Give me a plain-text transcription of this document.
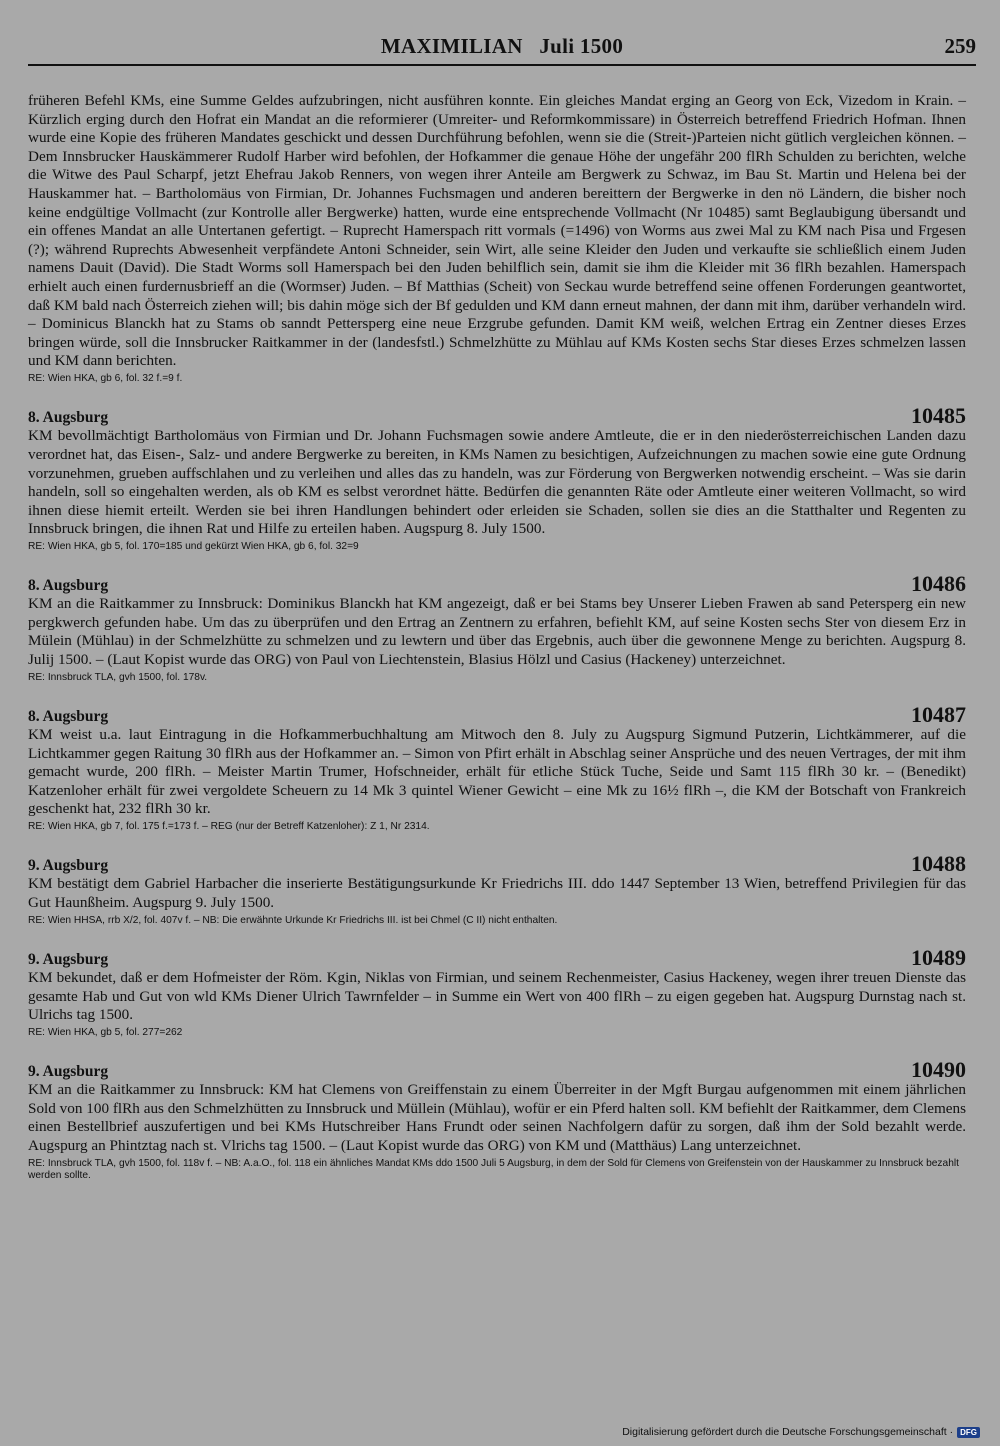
MAXIMILIAN   Juli 1500	259

früheren Befehl KMs, eine Summe Geldes aufzubringen, nicht ausführen konnte. Ein gleiches Mandat erging an Georg von Eck, Vizedom in Krain. – Kürzlich erging durch den Hofrat ein Mandat an die reformierer (Umreiter- und Reformkommissare) in Österreich betreffend Friedrich Hofman. Ihnen wurde eine Kopie des früheren Mandates geschickt und dessen Durchführung befohlen, wenn sie die (Streit-)Parteien nicht gütlich vergleichen können. – Dem Innsbrucker Hauskämmerer Rudolf Harber wird befohlen, der Hofkammer die genaue Höhe der ungefähr 200 flRh Schulden zu berichten, welche die Witwe des Paul Scharpf, jetzt Ehefrau Jakob Renners, von wegen ihrer Anteile am Bergwerk zu Schwaz, im Bau St. Martin und Helena bei der Hauskammer hat. – Bartholomäus von Firmian, Dr. Johannes Fuchsmagen und anderen bereittern der Bergwerke in den nö Ländern, die bisher noch keine endgültige Vollmacht (zur Kontrolle aller Bergwerke) hatten, wurde eine entsprechende Vollmacht (Nr 10485) samt Beglaubigung übersandt und ein offenes Mandat an alle Untertanen gefertigt. – Ruprecht Hamerspach ritt vormals (=1496) von Worms aus zwei Mal zu KM nach Pisa und Frgesen (?); während Ruprechts Abwesenheit verpfändete Antoni Schneider, sein Wirt, alle seine Kleider den Juden und verkaufte sie schließlich einem Juden namens Dauit (David). Die Stadt Worms soll Hamerspach bei den Juden behilflich sein, damit sie ihm die Kleider mit 36 flRh bezahlen. Hamerspach erhielt auch einen furdernusbrieff an die (Wormser) Juden. – Bf Matthias (Scheit) von Seckau wurde betreffend seine offenen Forderungen geantwortet, daß KM bald nach Österreich ziehen will; bis dahin möge sich der Bf gedulden und KM dann erneut mahnen, der dann mit ihm, darüber verhandeln wird. – Dominicus Blanckh hat zu Stams ob sanndt Pettersperg eine neue Erzgrube gefunden. Damit KM weiß, welchen Ertrag ein Zentner dieses Erzes bringen würde, soll die Innsbrucker Raitkammer in der (landesfstl.) Schmelzhütte zu Mühlau auf KMs Kosten sechs Star dieses Erzes schmelzen lassen und KM dann berichten.

RE: Wien HKA, gb 6, fol. 32 f.=9 f.

8. Augsburg	10485

KM bevollmächtigt Bartholomäus von Firmian und Dr. Johann Fuchsmagen sowie andere Amtleute, die er in den niederösterreichischen Landen dazu verordnet hat, das Eisen-, Salz- und andere Bergwerke zu bereiten, in KMs Namen zu besichtigen, Aufzeichnungen zu machen sowie eine gute Ordnung vorzunehmen, grueben auffschlahen und zu verleihen und alles das zu handeln, was zur Förderung von Bergwerken notwendig erscheint. – Was sie darin handeln, soll so eingehalten werden, als ob KM es selbst verordnet hätte. Bedürfen die genannten Räte oder Amtleute einer weiteren Vollmacht, so wird ihnen diese hiemit erteilt. Werden sie bei ihren Handlungen behindert oder erleiden sie Schaden, sollen sie dies an die Statthalter und Regenten zu Innsbruck bringen, die ihnen Rat und Hilfe zu erteilen haben. Augspurg 8. July 1500.

RE: Wien HKA, gb 5, fol. 170=185 und gekürzt Wien HKA, gb 6, fol. 32=9

8. Augsburg	10486

KM an die Raitkammer zu Innsbruck: Dominikus Blanckh hat KM angezeigt, daß er bei Stams bey Unserer Lieben Frawen ab sand Petersperg ein new pergkwerch gefunden habe. Um das zu überprüfen und den Ertrag an Zentnern zu erfahren, befiehlt KM, auf seine Kosten sechs Ster von diesem Erz in Mülein (Mühlau) in der Schmelzhütte zu schmelzen und zu lewtern und über das Ergebnis, auch über die gewonnene Menge zu berichten. Augspurg 8. Julij 1500. – (Laut Kopist wurde das ORG) von Paul von Liechtenstein, Blasius Hölzl und Casius (Hackeney) unterzeichnet.

RE: Innsbruck TLA, gvh 1500, fol. 178v.

8. Augsburg	10487

KM weist u.a. laut Eintragung in die Hofkammerbuchhaltung am Mitwoch den 8. July zu Augspurg Sigmund Putzerin, Lichtkämmerer, auf die Lichtkammer gegen Raitung 30 flRh aus der Hofkammer an. – Simon von Pfirt erhält in Abschlag seiner Ansprüche und des neuen Vertrages, der mit ihm gemacht wurde, 200 flRh. – Meister Martin Trumer, Hofschneider, erhält für etliche Stück Tuche, Seide und Samt 115 flRh 30 kr. – (Benedikt) Katzenloher erhält für zwei vergoldete Scheuern zu 14 Mk 3 quintel Wiener Gewicht – eine Mk zu 16½ flRh –, die KM der Botschaft von Frankreich geschenkt hat, 232 flRh 30 kr.

RE: Wien HKA, gb 7, fol. 175 f.=173 f. – REG (nur der Betreff Katzenloher): Z 1, Nr 2314.

9. Augsburg	10488

KM bestätigt dem Gabriel Harbacher die inserierte Bestätigungsurkunde Kr Friedrichs III. ddo 1447 September 13 Wien, betreffend Privilegien für das Gut Haunßheim. Augspurg 9. July 1500.

RE: Wien HHSA, rrb X/2, fol. 407v f. – NB: Die erwähnte Urkunde Kr Friedrichs III. ist bei Chmel (C II) nicht enthalten.

9. Augsburg	10489

KM bekundet, daß er dem Hofmeister der Röm. Kgin, Niklas von Firmian, und seinem Rechenmeister, Casius Hackeney, wegen ihrer treuen Dienste das gesamte Hab und Gut von wld KMs Diener Ulrich Tawrnfelder – in Summe ein Wert von 400 flRh – zu eigen gegeben hat. Augspurg Durnstag nach st. Ulrichs tag 1500.

RE: Wien HKA, gb 5, fol. 277=262

9. Augsburg	10490

KM an die Raitkammer zu Innsbruck: KM hat Clemens von Greiffenstain zu einem Überreiter in der Mgft Burgau aufgenommen mit einem jährlichen Sold von 100 flRh aus den Schmelzhütten zu Innsbruck und Müllein (Mühlau), wofür er ein Pferd halten soll. KM befiehlt der Raitkammer, dem Clemens einen Bestellbrief auszufertigen und bei KMs Hutschreiber Hans Frundt oder seinen Nachfolgern dafür zu sorgen, daß ihm der Sold bezahlt werde. Augspurg an Phintztag nach st. Vlrichs tag 1500. – (Laut Kopist wurde das ORG) von KM und (Matthäus) Lang unterzeichnet.

RE: Innsbruck TLA, gvh 1500, fol. 118v f. – NB: A.a.O., fol. 118 ein ähnliches Mandat KMs ddo 1500 Juli 5 Augsburg, in dem der Sold für Clemens von Greifenstein von der Hauskammer zu Innsbruck bezahlt werden sollte.

Digitalisierung gefördert durch die Deutsche Forschungsgemeinschaft · DFG
